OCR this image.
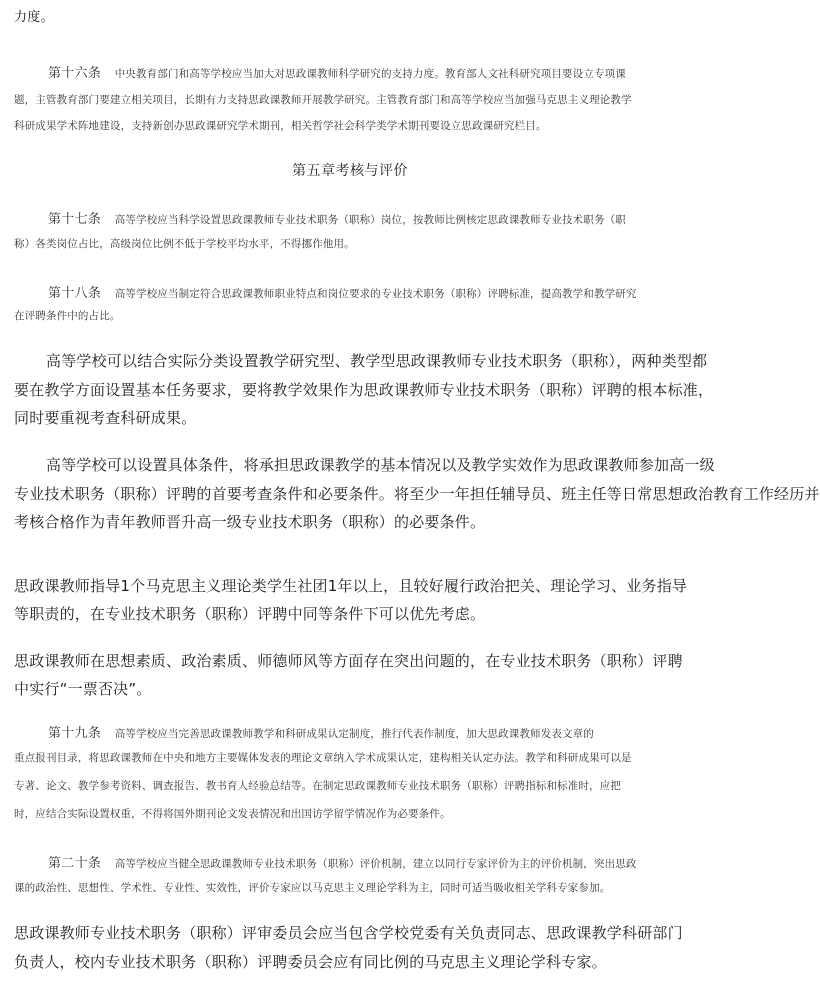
力度。
第十六条 中央教育部门和高等学校应当加大对思政课教师科学研究的支持力度。教育部人文社科研究项目要设立专项课
题，主管教育部门要建立相关项目，长期有力支持思政课教师开展教学研究。主管教育部门和高等学校应当加强马克思主义理论教学
科研成果学术阵地建设，支持新创办思政课研究学术期刊，相关哲学社会科学类学术期刊要设立思政课研究栏目。
第五章考核与评价
第十七条 高等学校应当科学设置思政课教师专业技术职务（职称）岗位，按教师比例核定思政课教师专业技术职务（职
称）各类岗位占比，高级岗位比例不低于学校平均水平，不得挪作他用。
第十八条 高等学校应当制定符合思政课教师职业特点和岗位要求的专业技术职务（职称）评聘标准，提高教学和教学研究
在评聘条件中的占比。
高等学校可以结合实际分类设置教学研究型、教学型思政课教师专业技术职务（职称），两种类型都
要在教学方面设置基本任务要求，要将教学效果作为思政课教师专业技术职务（职称）评聘的根本标准，
同时要重视考查科研成果。
高等学校可以设置具体条件，将承担思政课教学的基本情况以及教学实效作为思政课教师参加高一级
专业技术职务（职称）评聘的首要考查条件和必要条件。将至少一年担任辅导员、班主任等日常思想政治教育工作经历并
考核合格作为青年教师晋升高一级专业技术职务（职称）的必要条件。
思政课教师指导1个马克思主义理论类学生社团1年以上，且较好履行政治把关、理论学习、业务指导
等职责的，在专业技术职务（职称）评聘中同等条件下可以优先考虑。
思政课教师在思想素质、政治素质、师德师风等方面存在突出问题的，在专业技术职务（职称）评聘
中实行“一票否决”。
第十九条 高等学校应当完善思政课教师教学和科研成果认定制度，推行代表作制度，加大思政课教师发表文章的
重点报刊目录，将思政课教师在中央和地方主要媒体发表的理论文章纳入学术成果认定，建构相关认定办法。教学和科研成果可以是
专著、论文、教学参考资料、调查报告、教书育人经验总结等。在制定思政课教师专业技术职务（职称）评聘指标和标准时，应把
时，应结合实际设置权重，不得将国外期刊论文发表情况和出国访学留学情况作为必要条件。
第二十条 高等学校应当健全思政课教师专业技术职务（职称）评价机制，建立以同行专家评价为主的评价机制，突出思政
课的政治性、思想性、学术性、专业性、实效性，评价专家应以马克思主义理论学科为主，同时可适当吸收相关学科专家参加。
思政课教师专业技术职务（职称）评审委员会应当包含学校党委有关负责同志、思政课教学科研部门
负责人，校内专业技术职务（职称）评聘委员会应有同比例的马克思主义理论学科专家。
